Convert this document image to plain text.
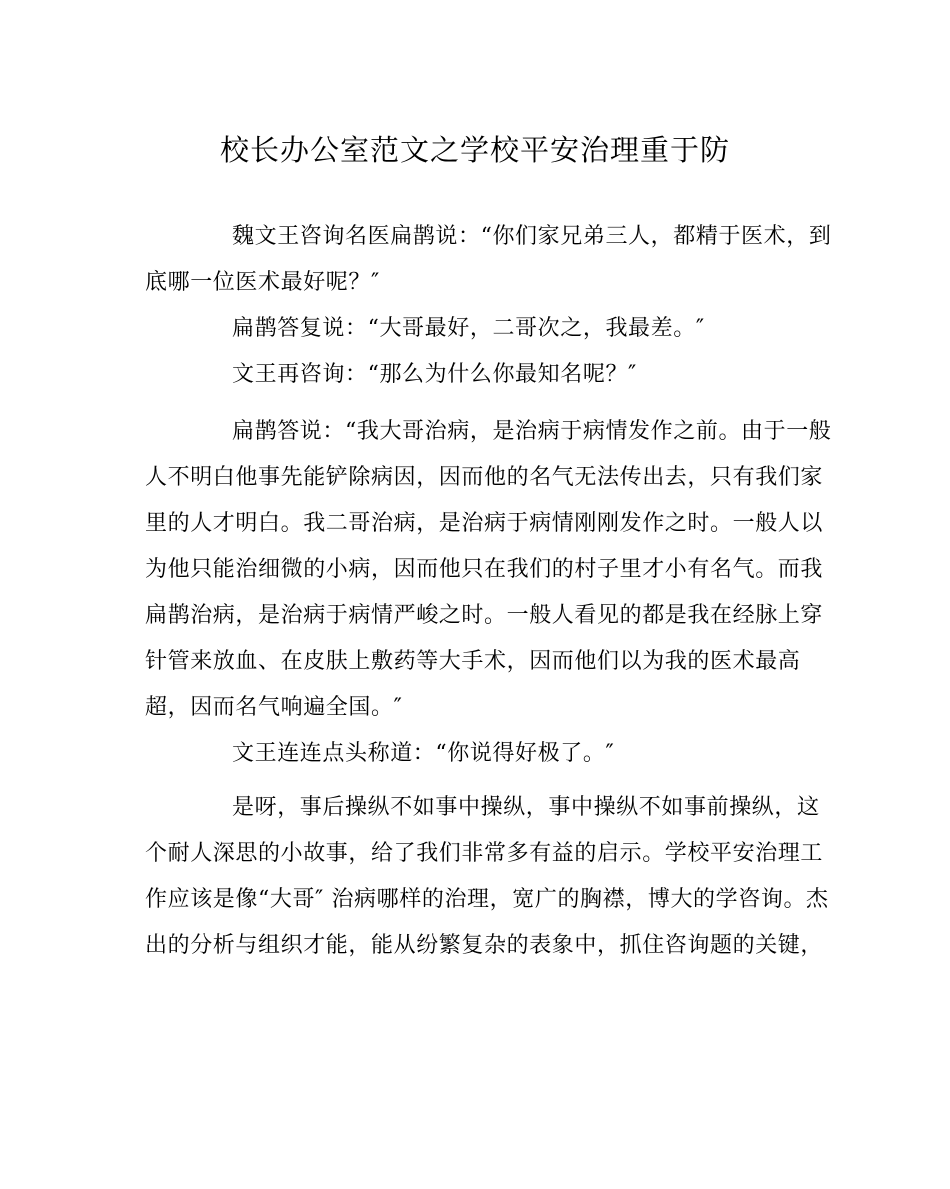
校长办公室范文之学校平安治理重于防
魏文王咨询名医扁鹊说：“你们家兄弟三人，都精于医术，到
底哪一位医术最好呢？″
扁鹊答复说：“大哥最好，二哥次之，我最差。″
文王再咨询：“那么为什么你最知名呢？″
扁鹊答说：“我大哥治病，是治病于病情发作之前。由于一般
人不明白他事先能铲除病因，因而他的名气无法传出去，只有我们家
里的人才明白。我二哥治病，是治病于病情刚刚发作之时。一般人以
为他只能治细微的小病，因而他只在我们的村子里才小有名气。而我
扁鹊治病，是治病于病情严峻之时。一般人看见的都是我在经脉上穿
针管来放血、在皮肤上敷药等大手术，因而他们以为我的医术最高
超，因而名气响遍全国。″
文王连连点头称道：“你说得好极了。″
是呀，事后操纵不如事中操纵，事中操纵不如事前操纵，这
个耐人深思的小故事，给了我们非常多有益的启示。学校平安治理工
作应该是像“大哥″ 治病哪样的治理，宽广的胸襟，博大的学咨询。杰
出的分析与组织才能，能从纷繁复杂的表象中，抓住咨询题的关键，
